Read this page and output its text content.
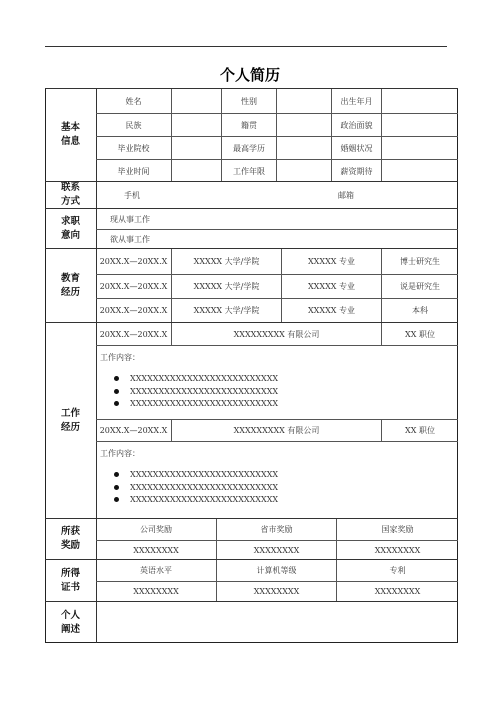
个人简历
基本
信息
姓名	性别	出生年月
民族	籍贯	政治面貌
毕业院校	最高学历	婚姻状况
毕业时间	工作年限	薪资期待
联系
方式
手机	邮箱
求职
意向
现从事工作
欲从事工作
教育
经历
20XX.X—20XX.X	XXXXX 大学/学院	XXXXX 专业	博士研究生
20XX.X—20XX.X	XXXXX 大学/学院	XXXXX 专业	说是研究生
20XX.X—20XX.X	XXXXX 大学/学院	XXXXX 专业	本科
工作
经历
20XX.X—20XX.X	XXXXXXXXX 有限公司	XX 职位
工作内容：
XXXXXXXXXXXXXXXXXXXXXXXXXX
XXXXXXXXXXXXXXXXXXXXXXXXXX
XXXXXXXXXXXXXXXXXXXXXXXXXX
20XX.X—20XX.X	XXXXXXXXX 有限公司	XX 职位
工作内容：
XXXXXXXXXXXXXXXXXXXXXXXXXX
XXXXXXXXXXXXXXXXXXXXXXXXXX
XXXXXXXXXXXXXXXXXXXXXXXXXX
所获
奖励
公司奖励	省市奖励	国家奖励
XXXXXXXX	XXXXXXXX	XXXXXXXX
所得
证书
英语水平	计算机等级	专利
XXXXXXXX	XXXXXXXX	XXXXXXXX
个人
阐述
